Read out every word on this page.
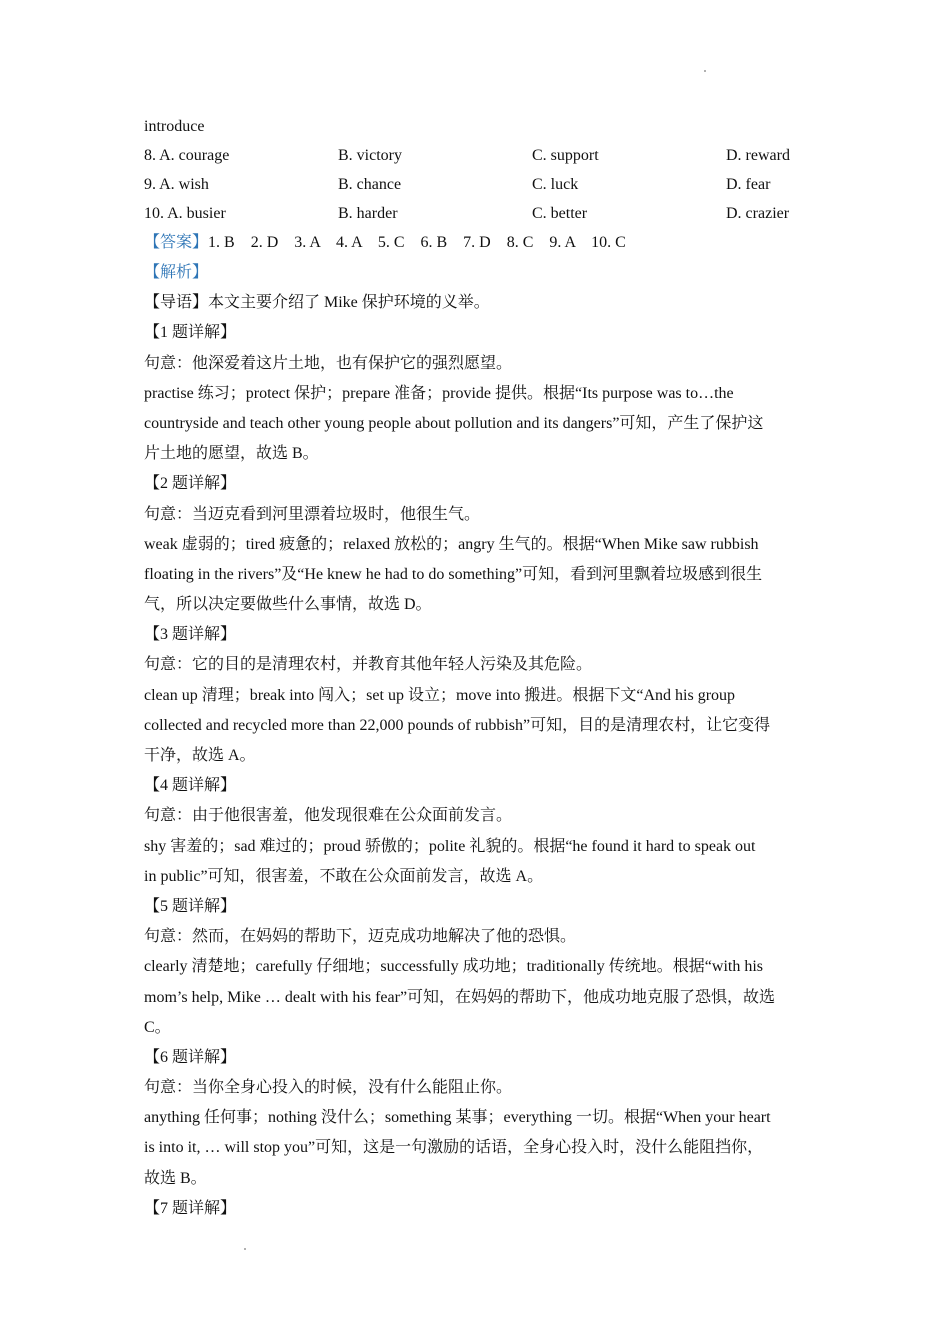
introduce
8. A. courage	B. victory	C. support	D. reward
9. A. wish	B. chance	C. luck	D. fear
10. A. busier	B. harder	C. better	D. crazier
【答案】1. B    2. D    3. A    4. A    5. C    6. B    7. D    8. C    9. A    10. C
【解析】
【导语】本文主要介绍了 Mike 保护环境的义举。
【1 题详解】
句意：他深爱着这片土地，也有保护它的强烈愿望。
practise 练习；protect 保护；prepare 准备；provide 提供。根据“Its purpose was to…the
countryside and teach other young people about pollution and its dangers”可知，产生了保护这
片土地的愿望，故选 B。
【2 题详解】
句意：当迈克看到河里漂着垃圾时，他很生气。
weak 虚弱的；tired 疲惫的；relaxed 放松的；angry 生气的。根据“When Mike saw rubbish
floating in the rivers”及“He knew he had to do something”可知，看到河里飘着垃圾感到很生
气，所以决定要做些什么事情，故选 D。
【3 题详解】
句意：它的目的是清理农村，并教育其他年轻人污染及其危险。
clean up 清理；break into 闯入；set up 设立；move into 搬进。根据下文“And his group
collected and recycled more than 22,000 pounds of rubbish”可知，目的是清理农村，让它变得
干净，故选 A。
【4 题详解】
句意：由于他很害羞，他发现很难在公众面前发言。
shy 害羞的；sad 难过的；proud 骄傲的；polite 礼貌的。根据“he found it hard to speak out
in public”可知，很害羞，不敢在公众面前发言，故选 A。
【5 题详解】
句意：然而，在妈妈的帮助下，迈克成功地解决了他的恐惧。
clearly 清楚地；carefully 仔细地；successfully 成功地；traditionally 传统地。根据“with his
mom’s help, Mike … dealt with his fear”可知，在妈妈的帮助下，他成功地克服了恐惧，故选
C。
【6 题详解】
句意：当你全身心投入的时候，没有什么能阻止你。
anything 任何事；nothing 没什么；something 某事；everything 一切。根据“When your heart
is into it, … will stop you”可知，这是一句激励的话语，全身心投入时，没什么能阻挡你，
故选 B。
【7 题详解】
